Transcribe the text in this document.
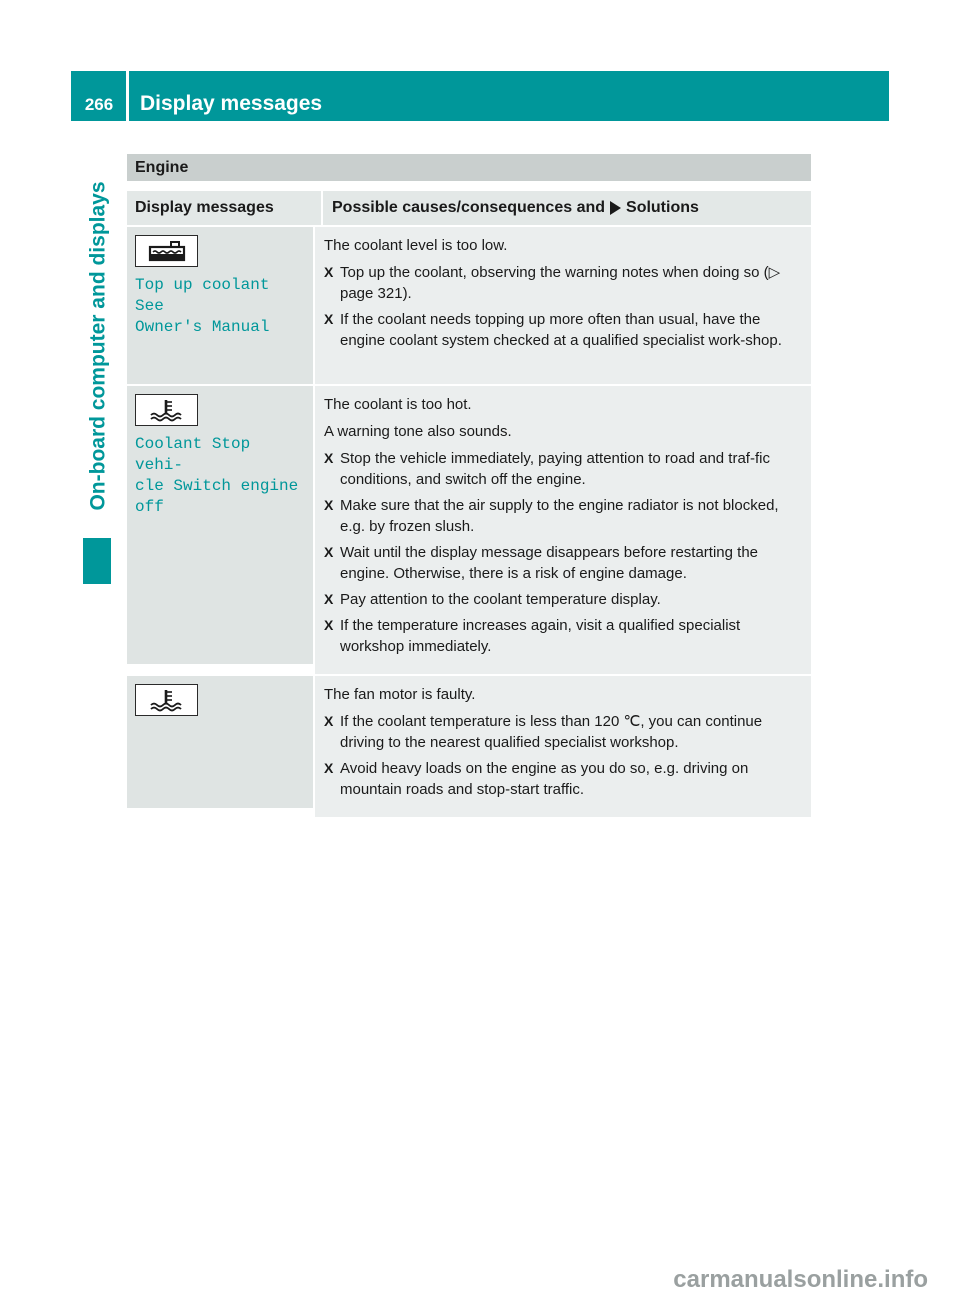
266	Display messages
On-board computer and displays
Engine
Display messages	Possible causes/consequences and Solutions
Top up coolant See
Owner's Manual

The coolant level is too low.

X Top up the coolant, observing the warning notes when doing so (▷ page 321).
X If the coolant needs topping up more often than usual, have the engine coolant system checked at a qualified specialist work-shop.
Coolant Stop vehi‑
cle Switch engine
off

The coolant is too hot.

A warning tone also sounds.

X Stop the vehicle immediately, paying attention to road and traf-fic conditions, and switch off the engine.
X Make sure that the air supply to the engine radiator is not blocked, e.g. by frozen slush.
X Wait until the display message disappears before restarting the engine. Otherwise, there is a risk of engine damage.
X Pay attention to the coolant temperature display.
X If the temperature increases again, visit a qualified specialist workshop immediately.

The fan motor is faulty.

X If the coolant temperature is less than 120 ℃, you can continue driving to the nearest qualified specialist workshop.
X Avoid heavy loads on the engine as you do so, e.g. driving on mountain roads and stop-start traffic.
carmanualsonline.info
